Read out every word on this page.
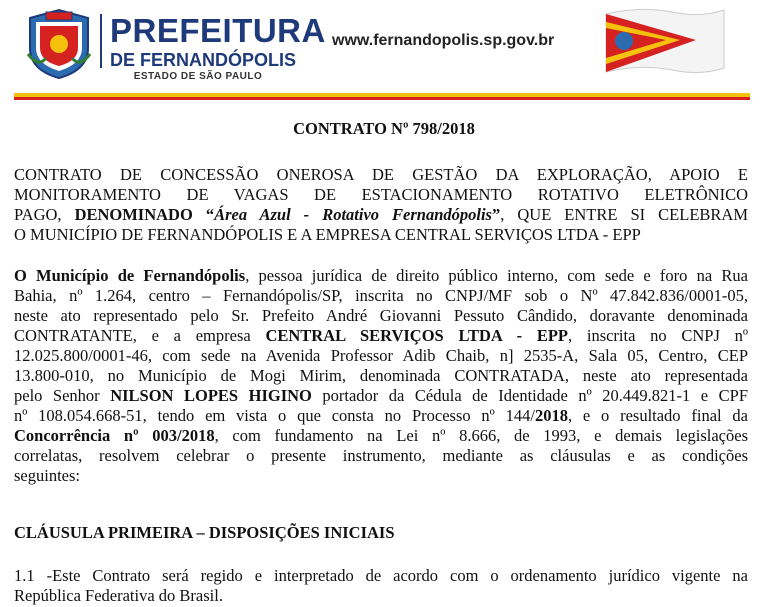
PREFEITURA
DE FERNANDÓPOLIS
ESTADO DE SÃO PAULO
www.fernandopolis.sp.gov.br
CONTRATO Nº 798/2018
CONTRATO DE CONCESSÃO ONEROSA DE GESTÃO DA EXPLORAÇÃO, APOIO E
MONITORAMENTO DE VAGAS DE ESTACIONAMENTO ROTATIVO ELETRÔNICO
PAGO, DENOMINADO “Área Azul - Rotativo Fernandópolis”, QUE ENTRE SI CELEBRAM
O MUNICÍPIO DE FERNANDÓPOLIS E A EMPRESA CENTRAL SERVIÇOS LTDA - EPP
O Município de Fernandópolis, pessoa jurídica de direito público interno, com sede e foro na Rua
Bahia, nº 1.264, centro – Fernandópolis/SP, inscrita no CNPJ/MF sob o Nº 47.842.836/0001-05,
neste ato representado pelo Sr. Prefeito André Giovanni Pessuto Cândido, doravante denominada
CONTRATANTE, e a empresa CENTRAL SERVIÇOS LTDA - EPP, inscrita no CNPJ nº
12.025.800/0001-46, com sede na Avenida Professor Adib Chaib, n] 2535-A, Sala 05, Centro, CEP
13.800-010, no Município de Mogi Mirim, denominada CONTRATADA, neste ato representada
pelo Senhor NILSON LOPES HIGINO portador da Cédula de Identidade nº 20.449.821-1 e CPF
nº 108.054.668-51, tendo em vista o que consta no Processo nº 144/2018, e o resultado final da
Concorrência nº 003/2018, com fundamento na Lei nº 8.666, de 1993, e demais legislações
correlatas, resolvem celebrar o presente instrumento, mediante as cláusulas e as condições
seguintes:
CLÁUSULA PRIMEIRA – DISPOSIÇÕES INICIAIS
1.1 -Este Contrato será regido e interpretado de acordo com o ordenamento jurídico vigente na
República Federativa do Brasil.
